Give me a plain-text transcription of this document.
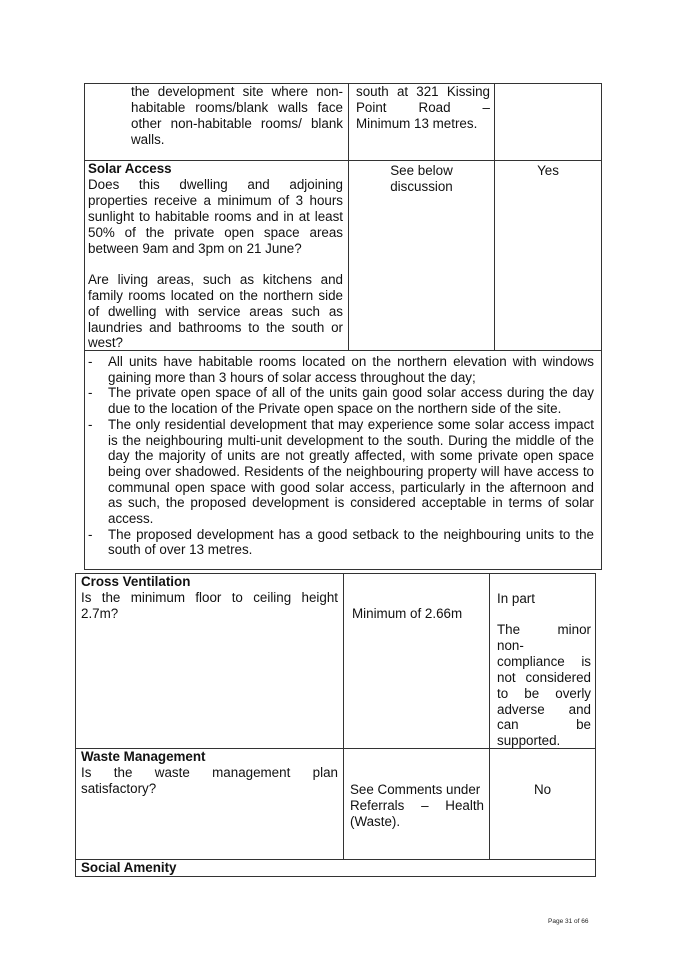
the development site where non-
habitable rooms/blank walls face
other non-habitable rooms/ blank
walls.
south at 321 Kissing
Point Road –
Minimum 13 metres.
Solar Access
Does this dwelling and adjoining
properties receive a minimum of 3 hours
sunlight to habitable rooms and in at least
50% of the private open space areas
between 9am and 3pm on 21 June?
Are living areas, such as kitchens and
family rooms located on the northern side
of dwelling with service areas such as
laundries and bathrooms to the south or
west?
See below
discussion
Yes
- All units have habitable rooms located on the northern elevation with windows gaining more than 3 hours of solar access throughout the day;
- The private open space of all of the units gain good solar access during the day due to the location of the Private open space on the northern side of the site.
- The only residential development that may experience some solar access impact is the neighbouring multi-unit development to the south. During the middle of the day the majority of units are not greatly affected, with some private open space being over shadowed. Residents of the neighbouring property will have access to communal open space with good solar access, particularly in the afternoon and as such, the proposed development is considered acceptable in terms of solar access.
- The proposed development has a good setback to the neighbouring units to the south of over 13 metres.
Cross Ventilation
Is the minimum floor to ceiling height
2.7m?	Minimum of 2.66m
In part
The minor
non-
compliance is
not considered
to be overly
adverse and
can be
supported.
Waste Management
Is the waste management plan
satisfactory?	See Comments under
Referrals – Health
(Waste).
No
Social Amenity
Page 31 of 66
